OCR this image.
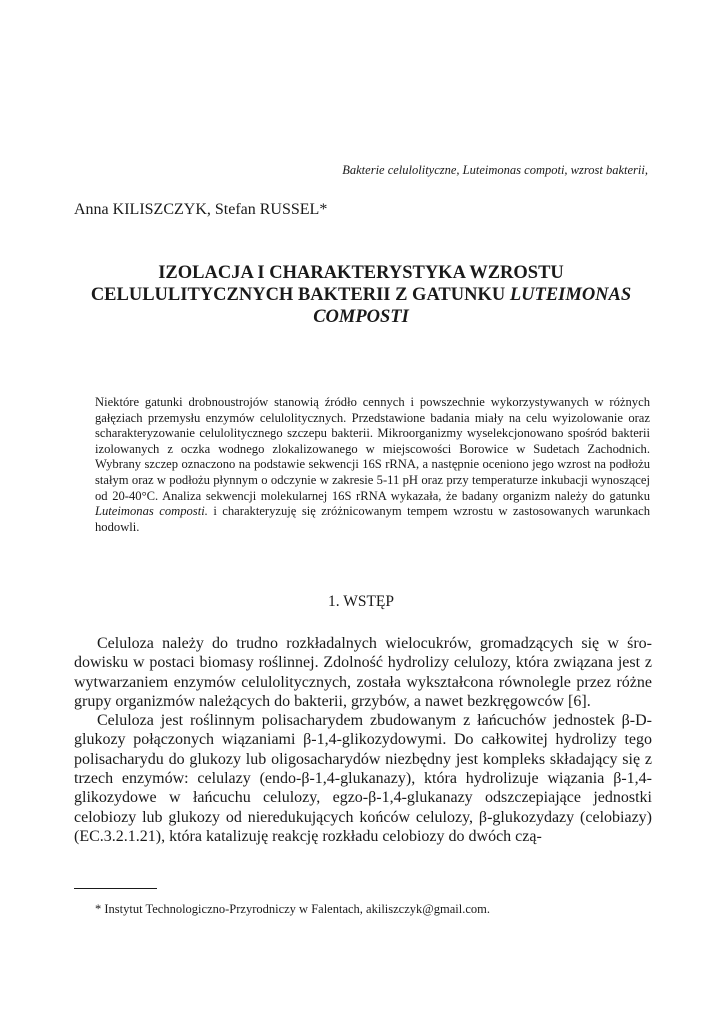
Bakterie celulolityczne, Luteimonas compoti, wzrost bakterii,
Anna KILISZCZYK, Stefan RUSSEL*
IZOLACJA I CHARAKTERYSTYKA WZROSTU
CELULULITYCZNYCH BAKTERII Z GATUNKU LUTEIMONAS
COMPOSTI

Niektóre gatunki drobnoustrojów stanowią źródło cennych i powszechnie wykorzystywanych w różnych gałęziach przemysłu enzymów celulolitycznych. Przedstawione badania miały na celu wyizolowanie oraz scharakteryzowanie celulolitycznego szczepu bakterii. Mikroorganizmy wyselekcjonowano spośród bakterii izolowanych z oczka wodnego zlokalizowanego w miejscowości Borowice w Sudetach Zachodnich. Wybrany szczep oznaczono na podstawie sekwencji 16S rRNA, a następnie oceniono jego wzrost na podłożu stałym oraz w podłożu płynnym o odczynie w zakresie 5-11 pH oraz przy temperaturze inkubacji wynoszącej od 20-40°C. Analiza sekwencji molekularnej 16S rRNA wykazała, że badany organizm należy do gatunku Luteimonas composti. i charakteryzuję się zróżnicowanym tempem wzrostu w zastosowanych warunkach hodowli.

1. WSTĘP

Celuloza należy do trudno rozkładalnych wielocukrów, gromadzących się w środowisku w postaci biomasy roślinnej. Zdolność hydrolizy celulozy, która związana jest z wytwarzaniem enzymów celulolitycznych, została wykształcona równolegle przez różne grupy organizmów należących do bakterii, grzybów, a nawet bezkręgowców [6].

Celuloza jest roślinnym polisacharydem zbudowanym z łańcuchów jednostek β-D-glukozy połączonych wiązaniami β-1,4-glikozydowymi. Do całkowitej hydrolizy tego polisacharydu do glukozy lub oligosacharydów niezbędny jest kompleks składający się z trzech enzymów: celulazy (endo-β-1,4-glukanazy), która hydrolizuje wiązania β-1,4-glikozydowe w łańcuchu celulozy, egzo-β-1,4-glukanazy odszczepiające jednostki celobiozy lub glukozy od nieredukujących końców celulozy, β-glukozydazy (celobiazy) (EC.3.2.1.21), która katalizuję reakcję rozkładu celobiozy do dwóch czą-

* Instytut Technologiczno-Przyrodniczy w Falentach, akiliszczyk@gmail.com.
